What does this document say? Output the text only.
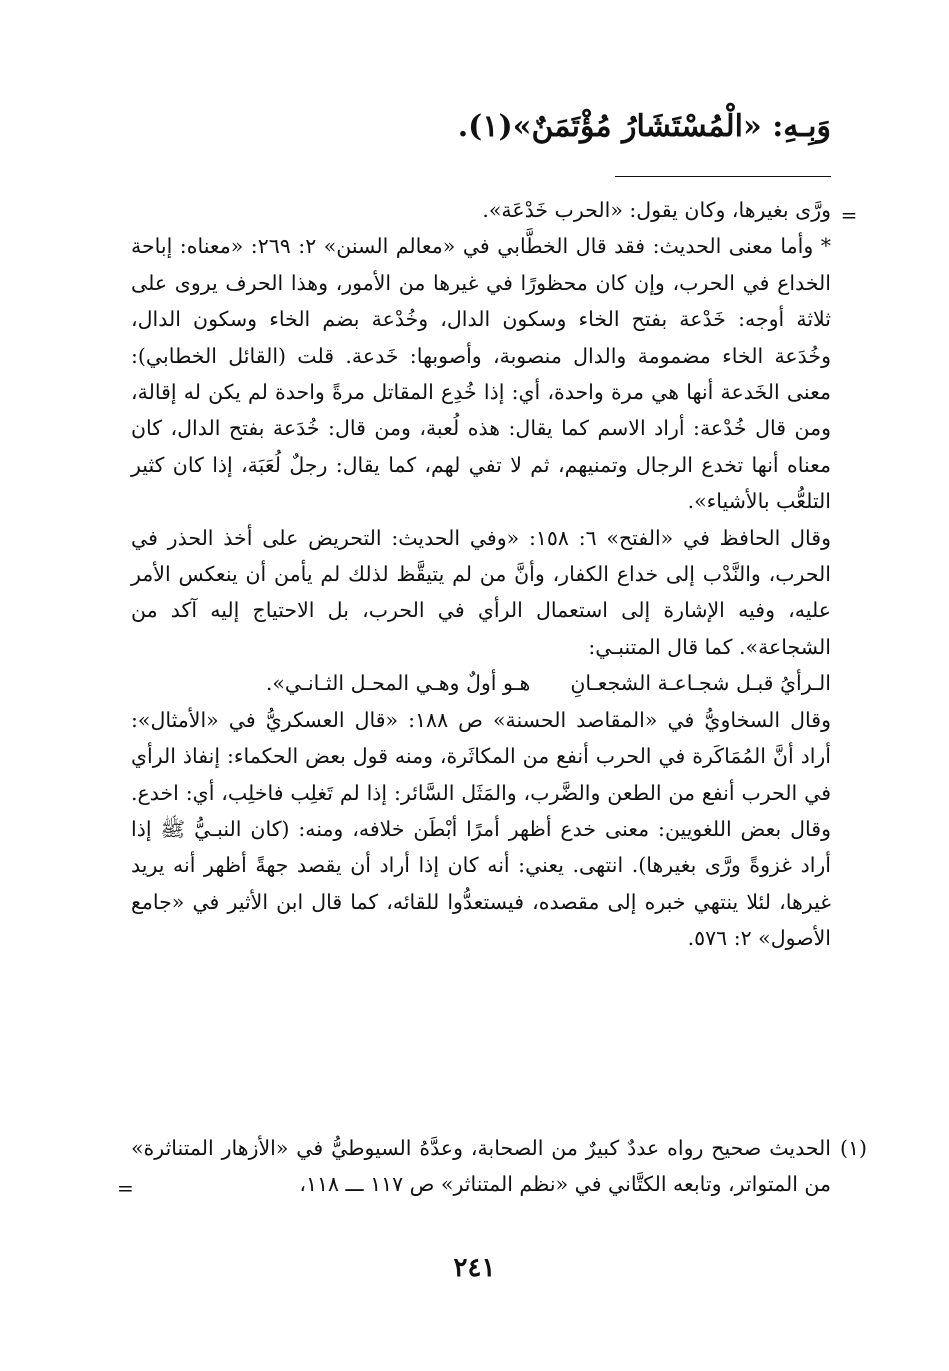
وَبِـهِ: «الْمُسْتَشَارُ مُؤْتَمَنٌ»(١).
=

ورَّى بغيرها، وكان يقول: «الحرب خَدْعَة».

* وأما معنى الحديث: فقد قال الخطَّابي في «معالم السنن» ٢: ٢٦٩: «معناه: إباحة الخداع في الحرب، وإن كان محظورًا في غيرها من الأمور، وهذا الحرف يروى على ثلاثة أوجه: خَدْعة بفتح الخاء وسكون الدال، وخُدْعة بضم الخاء وسكون الدال، وخُدَعة الخاء مضمومة والدال منصوبة، وأصوبها: خَدعة. قلت (القائل الخطابي): معنى الخَدعة أنها هي مرة واحدة، أي: إذا خُدِع المقاتل مرةً واحدة لم يكن له إقالة، ومن قال خُدْعة: أراد الاسم كما يقال: هذه لُعبة، ومن قال: خُدَعة بفتح الدال، كان معناه أنها تخدع الرجال وتمنيهم، ثم لا تفي لهم، كما يقال: رجلٌ لُعَبَة، إذا كان كثير التلعُّب بالأشياء».

وقال الحافظ في «الفتح» ٦: ١٥٨: «وفي الحديث: التحريض على أخذ الحذر في الحرب، والنَّدْب إلى خداع الكفار، وأنَّ من لم يتيقَّظ لذلك لم يأمن أن ينعكس الأمر عليه، وفيه الإشارة إلى استعمال الرأي في الحرب، بل الاحتياج إليه آكد من الشجاعة». كما قال المتنبـي:

الـرأيُ قبـل شجـاعـة الشجعـانِ
هـو أولٌ وهـي المحـل الثـانـي».

وقال السخاويُّ في «المقاصد الحسنة» ص ١٨٨: «قال العسكريُّ في «الأمثال»: أراد أنَّ المُمَاكَرة في الحرب أنفع من المكاثَرة، ومنه قول بعض الحكماء: إنفاذ الرأي في الحرب أنفع من الطعن والضَّرب، والمَثَل السَّائر: إذا لم تَغلِب فاخلِب، أي: اخدع. وقال بعض اللغويين: معنى خدع أظهر أمرًا أبْطَن خلافه، ومنه: (كان النبـيُّ ﷺ إذا أراد غزوةً ورَّى بغيرها). انتهى. يعني: أنه كان إذا أراد أن يقصد جهةً أظهر أنه يريد غيرها، لئلا ينتهي خبره إلى مقصده، فيستعدُّوا للقائه، كما قال ابن الأثير في «جامع الأصول» ٢: ٥٧٦.

(١)

الحديث صحيح رواه عددٌ كبيرٌ من الصحابة، وعدَّهُ السيوطيُّ في «الأزهار المتناثرة» من المتواتر، وتابعه الكتَّاني في «نظم المتناثر» ص ١١٧ ـــ ١١٨،

=
٢٤١
